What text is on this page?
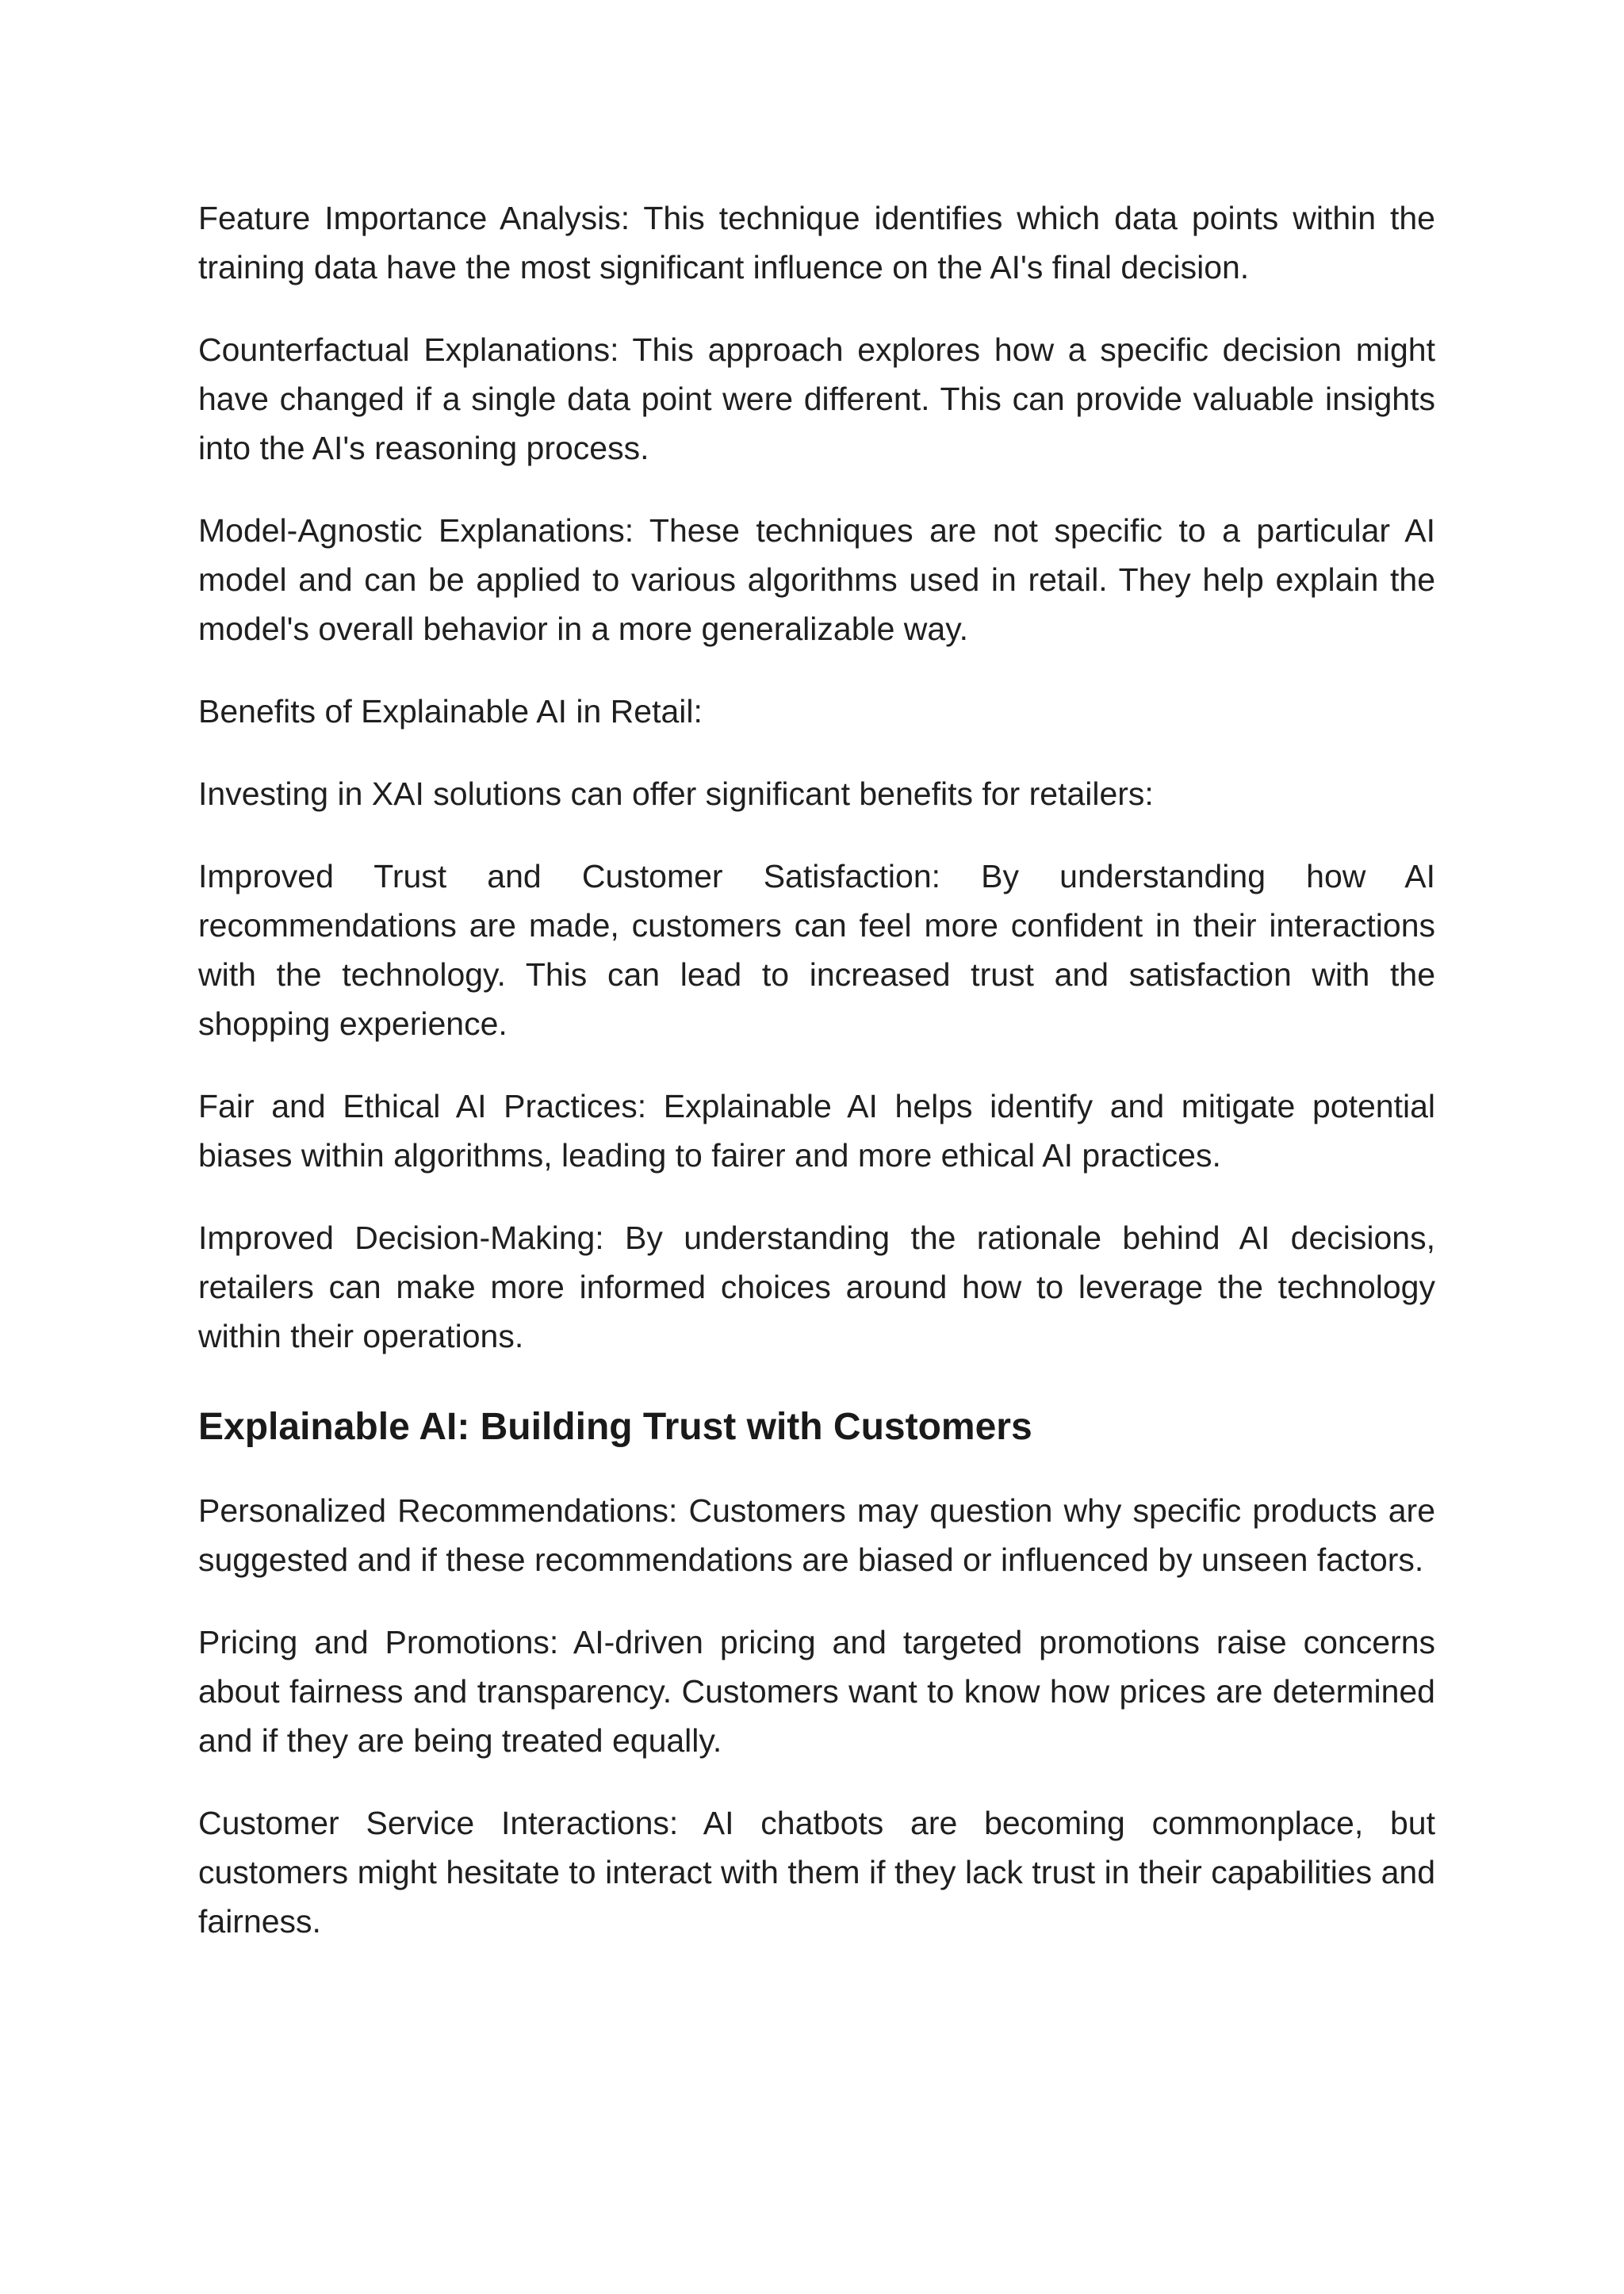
Feature Importance Analysis: This technique identifies which data points within the training data have the most significant influence on the AI's final decision.

Counterfactual Explanations: This approach explores how a specific decision might have changed if a single data point were different. This can provide valuable insights into the AI's reasoning process.

Model-Agnostic Explanations: These techniques are not specific to a particular AI model and can be applied to various algorithms used in retail. They help explain the model's overall behavior in a more generalizable way.

Benefits of Explainable AI in Retail:

Investing in XAI solutions can offer significant benefits for retailers:

Improved Trust and Customer Satisfaction: By understanding how AI recommendations are made, customers can feel more confident in their interactions with the technology. This can lead to increased trust and satisfaction with the shopping experience.

Fair and Ethical AI Practices: Explainable AI helps identify and mitigate potential biases within algorithms, leading to fairer and more ethical AI practices.

Improved Decision-Making: By understanding the rationale behind AI decisions, retailers can make more informed choices around how to leverage the technology within their operations.

Explainable AI: Building Trust with Customers

Personalized Recommendations: Customers may question why specific products are suggested and if these recommendations are biased or influenced by unseen factors.

Pricing and Promotions: AI-driven pricing and targeted promotions raise concerns about fairness and transparency. Customers want to know how prices are determined and if they are being treated equally.

Customer Service Interactions: AI chatbots are becoming commonplace, but customers might hesitate to interact with them if they lack trust in their capabilities and fairness.
